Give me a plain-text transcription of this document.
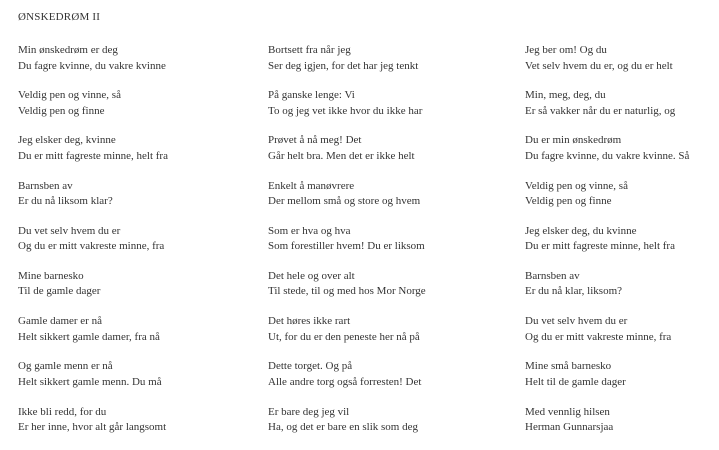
ØNSKEDRØM II
Min ønskedrøm er deg
Du fagre kvinne, du vakre kvinne
Veldig pen og vinne, så
Veldig pen og finne
Jeg elsker deg, kvinne
Du er mitt fagreste minne, helt fra
Barnsben av
Er du nå liksom klar?
Du vet selv hvem du er
Og du er mitt vakreste minne, fra
Mine barnesko
Til de gamle dager
Gamle damer er nå
Helt sikkert gamle damer, fra nå
Og gamle menn er nå
Helt sikkert gamle menn. Du må
Ikke bli redd, for du
Er her inne, hvor alt går langsomt
Bortsett fra når jeg
Ser deg igjen, for det har jeg tenkt
På ganske lenge: Vi
To og jeg vet ikke hvor du ikke har
Prøvet å nå meg! Det
Går helt bra. Men det er ikke helt
Enkelt å manøvrere
Der mellom små og store og hvem
Som er hva og hva
Som forestiller hvem! Du er liksom
Det hele og over alt
Til stede, til og med hos Mor Norge
Det høres ikke rart
Ut, for du er den peneste her nå på
Dette torget. Og på
Alle andre torg også forresten! Det
Er bare deg jeg vil
Ha, og det er bare en slik som deg
Jeg ber om! Og du
Vet selv hvem du er, og du er helt
Min, meg, deg, du
Er så vakker når du er naturlig, og
Du er min ønskedrøm
Du fagre kvinne, du vakre kvinne. Så
Veldig pen og vinne, så
Veldig pen og finne
Jeg elsker deg, du kvinne
Du er mitt fagreste minne, helt fra
Barnsben av
Er du nå klar, liksom?
Du vet selv hvem du er
Og du er mitt vakreste minne, fra
Mine små barnesko
Helt til de gamle dager
Med vennlig hilsen
Herman Gunnarsjaa
